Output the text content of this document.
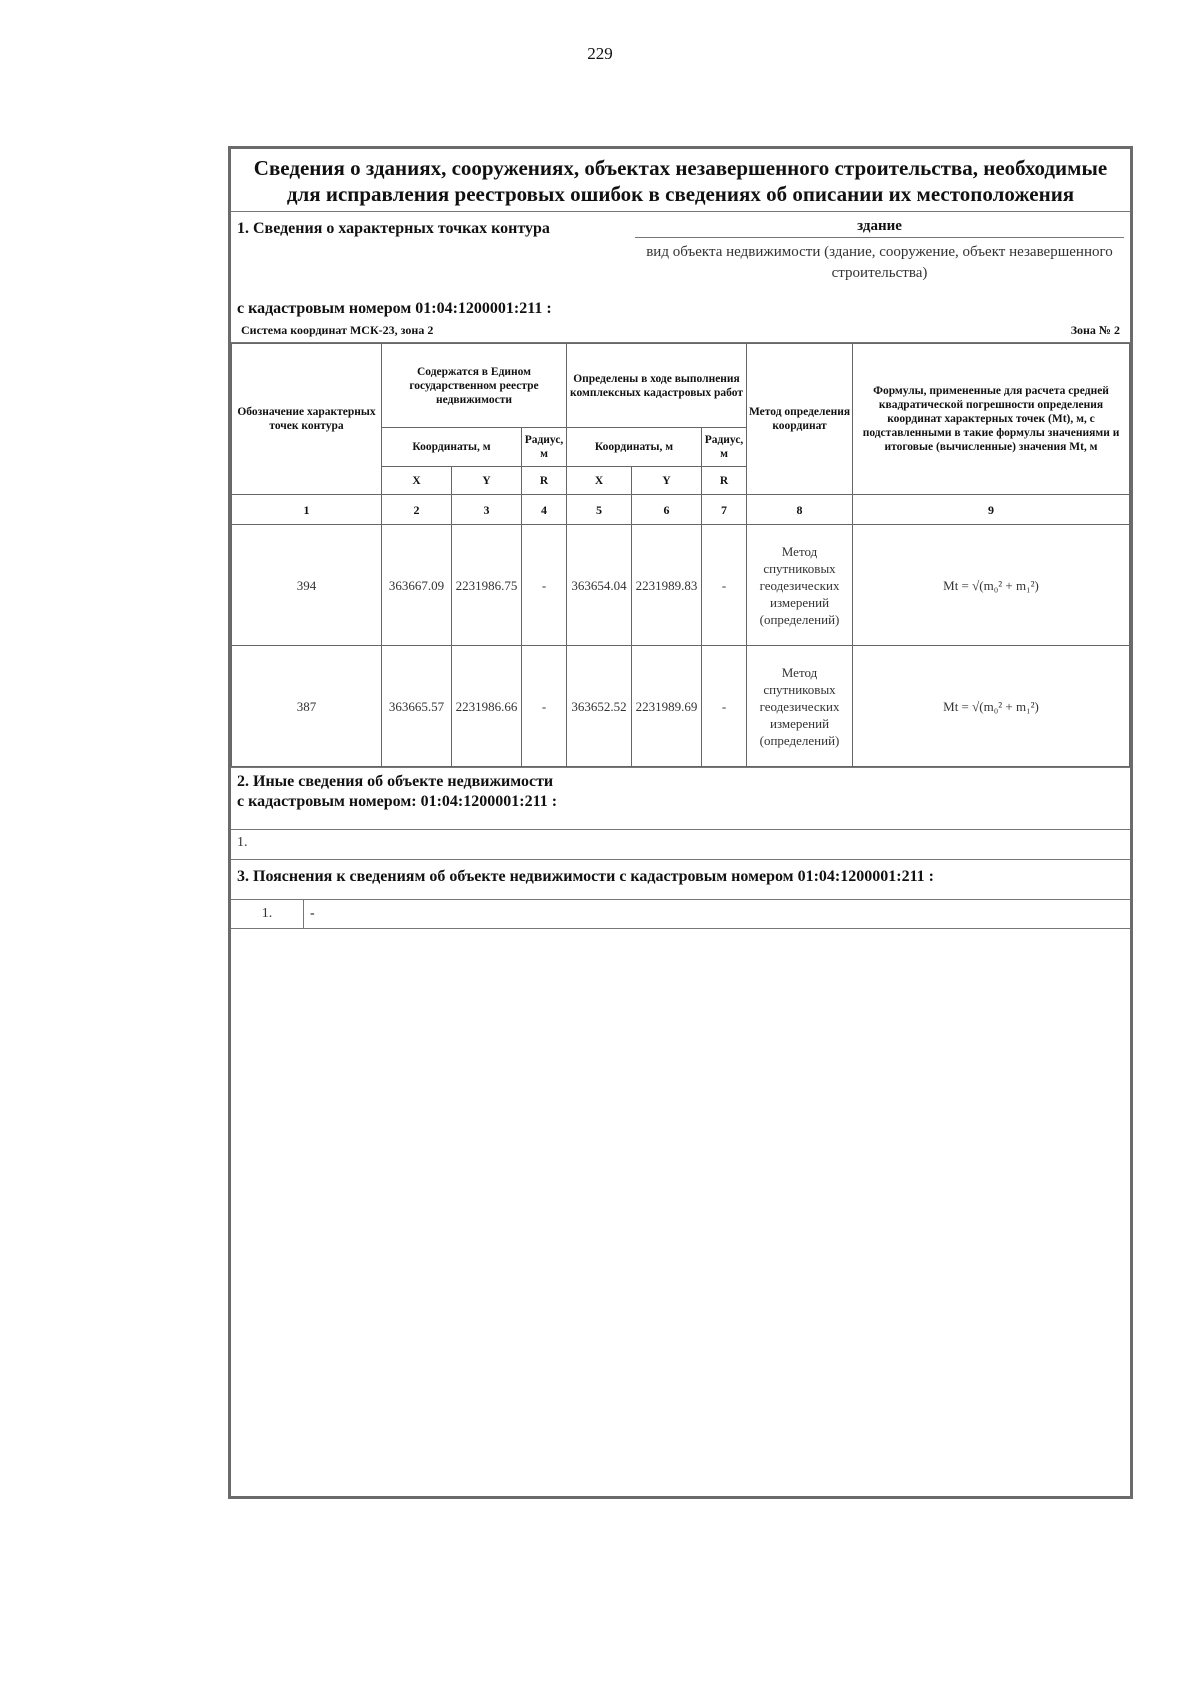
229
Сведения о зданиях, сооружениях, объектах незавершенного строительства, необходимые для исправления реестровых ошибок в сведениях об описании их местоположения
1. Сведения о характерных точках контура	здание
вид объекта недвижимости (здание, сооружение, объект незавершенного строительства)
с кадастровым номером 01:04:1200001:211 :
Система координат МСК-23, зона 2	Зона № 2
Обозначение характерных точек контура	Содержатся в Едином государственном реестре недвижимости			Определены в ходе выполнения комплексных кадастровых работ			Метод определения координат	Формулы, примененные для расчета средней квадратической погрешности определения координат характерных точек (Mt), м, с подставленными в такие формулы значениями и итоговые (вычисленные) значения Mt, м
	Координаты, м		Радиус, м	Координаты, м		Радиус, м		
	X	Y	R	X	Y	R		
1	2	3	4	5	6	7	8	9
394	363667.09	2231986.75	-	363654.04	2231989.83	-	Метод спутниковых геодезических измерений (определений)	Mt = √(m₀² + m₁²)
387	363665.57	2231986.66	-	363652.52	2231989.69	-	Метод спутниковых геодезических измерений (определений)	Mt = √(m₀² + m₁²)
2. Иные сведения об объекте недвижимости
с кадастровым номером: 01:04:1200001:211 :
1.
3. Пояснения к сведениям об объекте недвижимости с кадастровым номером 01:04:1200001:211 :
1.	-
